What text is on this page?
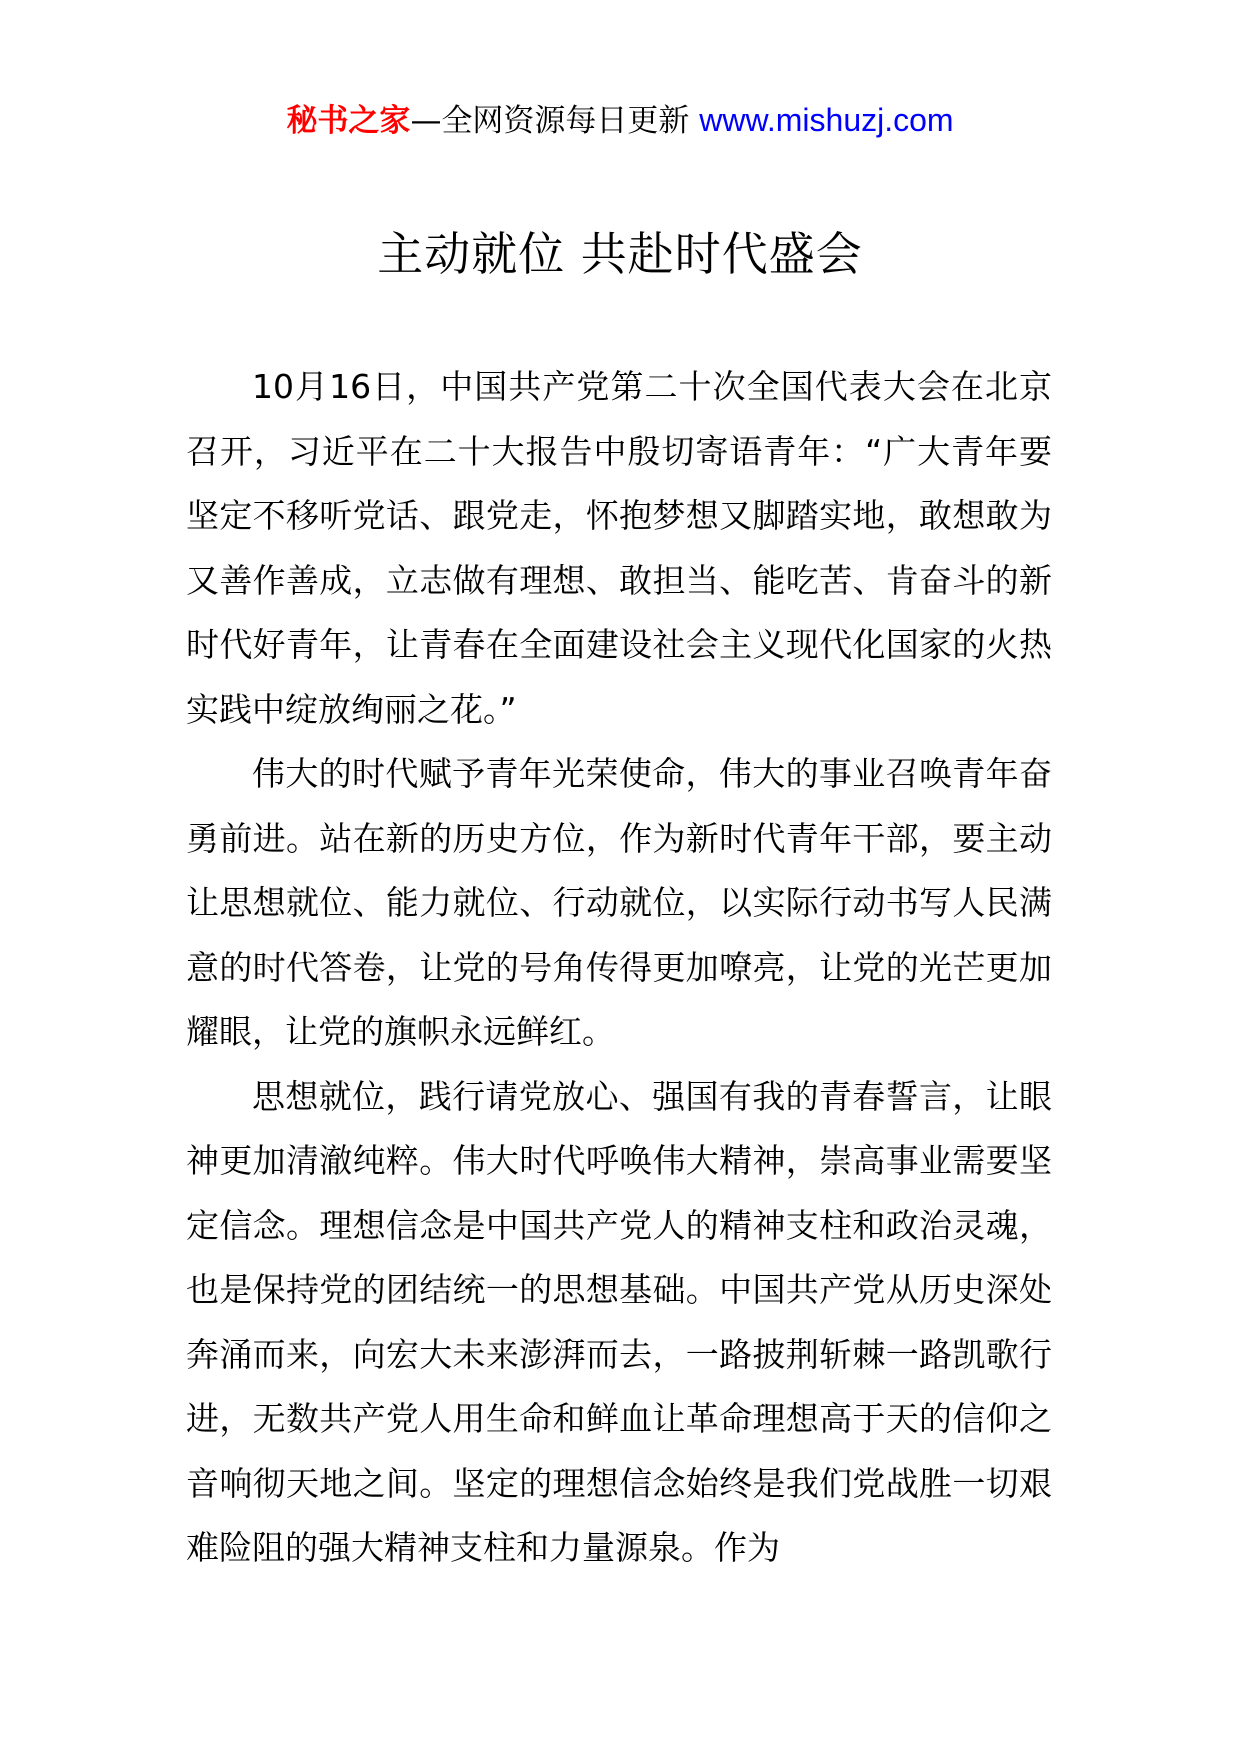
秘书之家—全网资源每日更新 www.mishuzj.com
主动就位 共赴时代盛会

10月16日，中国共产党第二十次全国代表大会在北京召开，习近平在二十大报告中殷切寄语青年：“广大青年要坚定不移听党话、跟党走，怀抱梦想又脚踏实地，敢想敢为又善作善成，立志做有理想、敢担当、能吃苦、肯奋斗的新时代好青年，让青春在全面建设社会主义现代化国家的火热实践中绽放绚丽之花。”

伟大的时代赋予青年光荣使命，伟大的事业召唤青年奋勇前进。站在新的历史方位，作为新时代青年干部，要主动让思想就位、能力就位、行动就位，以实际行动书写人民满意的时代答卷，让党的号角传得更加嘹亮，让党的光芒更加耀眼，让党的旗帜永远鲜红。

思想就位，践行请党放心、强国有我的青春誓言，让眼神更加清澈纯粹。伟大时代呼唤伟大精神，崇高事业需要坚定信念。理想信念是中国共产党人的精神支柱和政治灵魂，也是保持党的团结统一的思想基础。中国共产党从历史深处奔涌而来，向宏大未来澎湃而去，一路披荆斩棘一路凯歌行进，无数共产党人用生命和鲜血让革命理想高于天的信仰之音响彻天地之间。坚定的理想信念始终是我们党战胜一切艰难险阻的强大精神支柱和力量源泉。作为
